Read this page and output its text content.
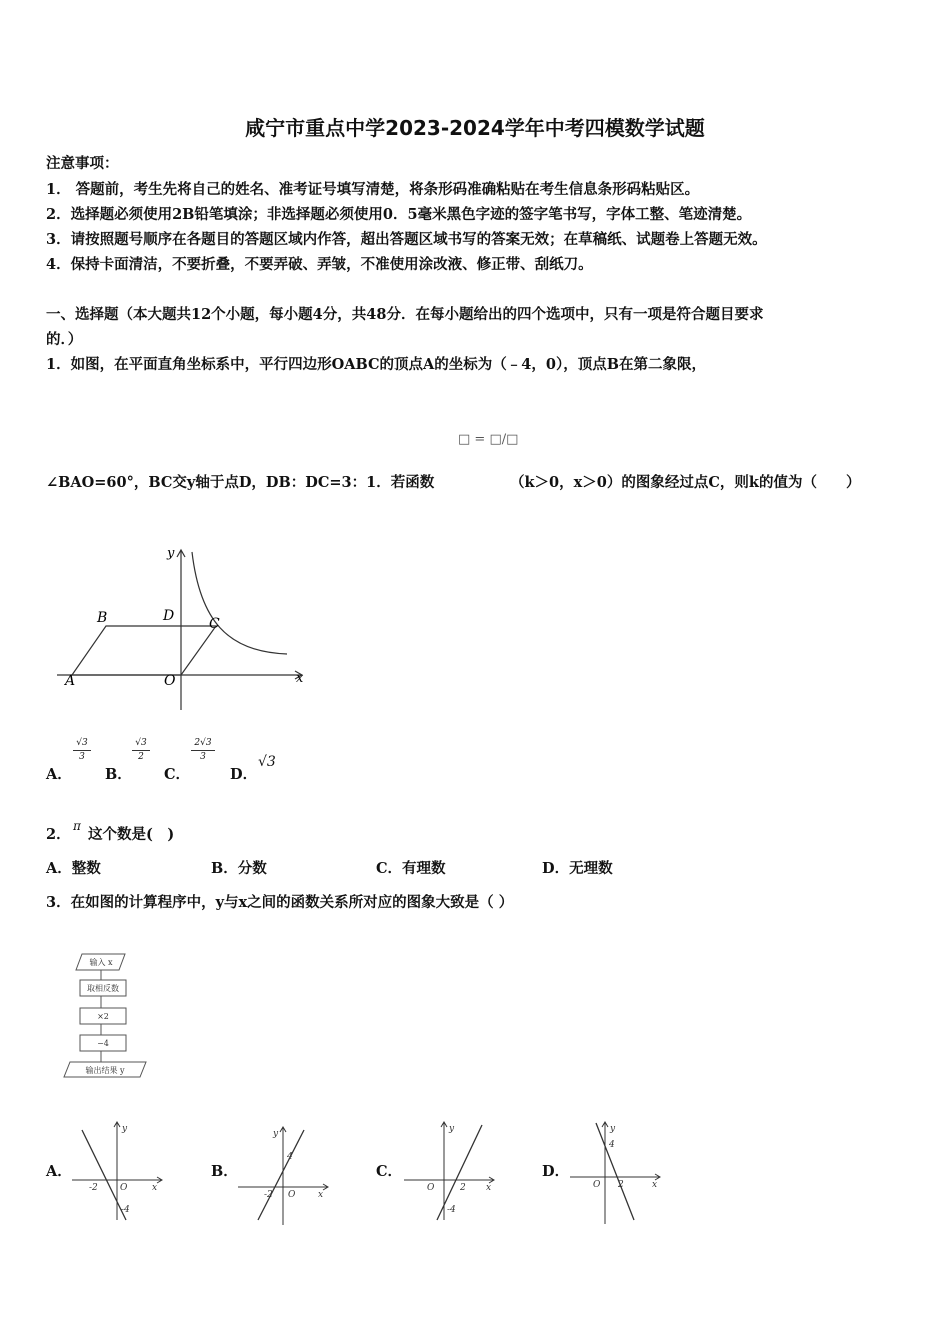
咸宁市重点中学2023-2024学年中考四模数学试题
注意事项：
1． 答题前，考生先将自己的姓名、准考证号填写清楚，将条形码准确粘贴在考生信息条形码粘贴区。
2．选择题必须使用2B铅笔填涂；非选择题必须使用0．5毫米黑色字迹的签字笔书写，字体工整、笔迹清楚。
3．请按照题号顺序在各题目的答题区域内作答，超出答题区域书写的答案无效；在草稿纸、试题卷上答题无效。
4．保持卡面清洁，不要折叠，不要弄破、弄皱，不准使用涂改液、修正带、刮纸刀。
一、选择题（本大题共12个小题，每小题4分，共48分．在每小题给出的四个选项中，只有一项是符合题目要求
的．）
1．如图，在平面直角坐标系中，平行四边形OABC的顶点A的坐标为（﹣4，0），顶点B在第二象限，
□ = □/□
∠BAO=60°，BC交y轴于点D，DB：DC=3：1．若函数	（k＞0，x＞0）的图象经过点C，则k的值为（　　）
y
x
B	D C
A	O
A．
√3
3
B．
√3
2
C．
2√3
3
D．
√3
2． π 这个数是(　)
A．整数	B．分数	C．有理数	D．无理数
3．在如图的计算程序中，y与x之间的函数关系所对应的图象大致是（ ）
输入 x
取相反数
×2
−4
输出结果 y
A．
y
x
-2 O
-4
B．
y
x
4
-2 O
C．
y
x
O	2
-4
D．
y
x
4
O 2
